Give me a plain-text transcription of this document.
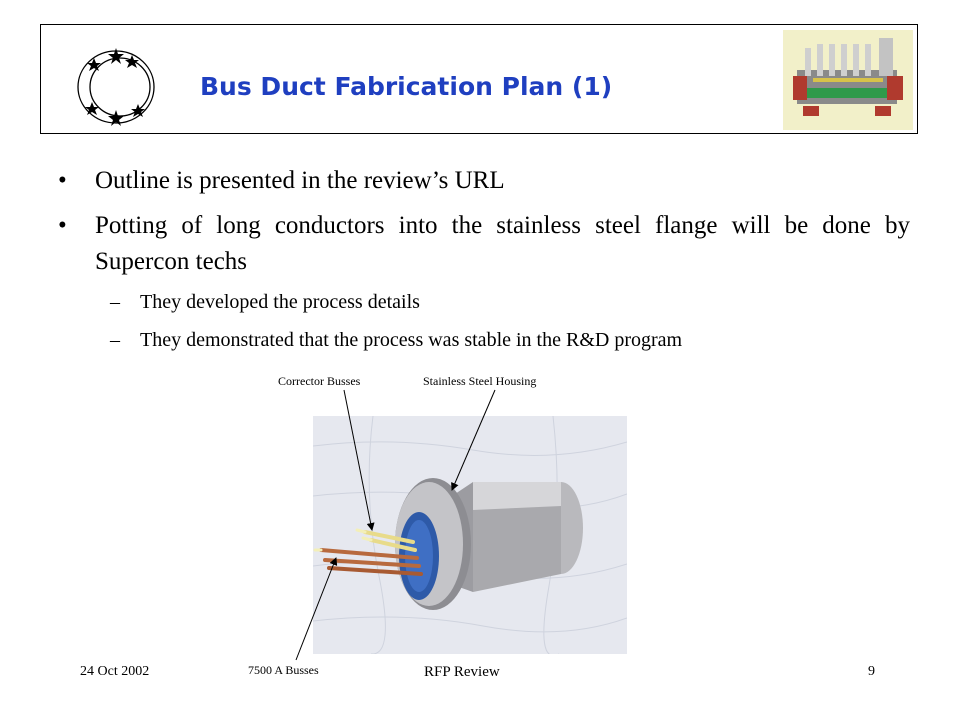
Bus Duct Fabrication Plan (1)
• Outline is presented in the review’s URL
• Potting of long conductors into the stainless steel flange will be done by Supercon techs
– They developed the process details
– They demonstrated that the process was stable in the R&D program
Corrector Busses	Stainless Steel Housing
7500 A Busses
24 Oct 2002	RFP Review	9
